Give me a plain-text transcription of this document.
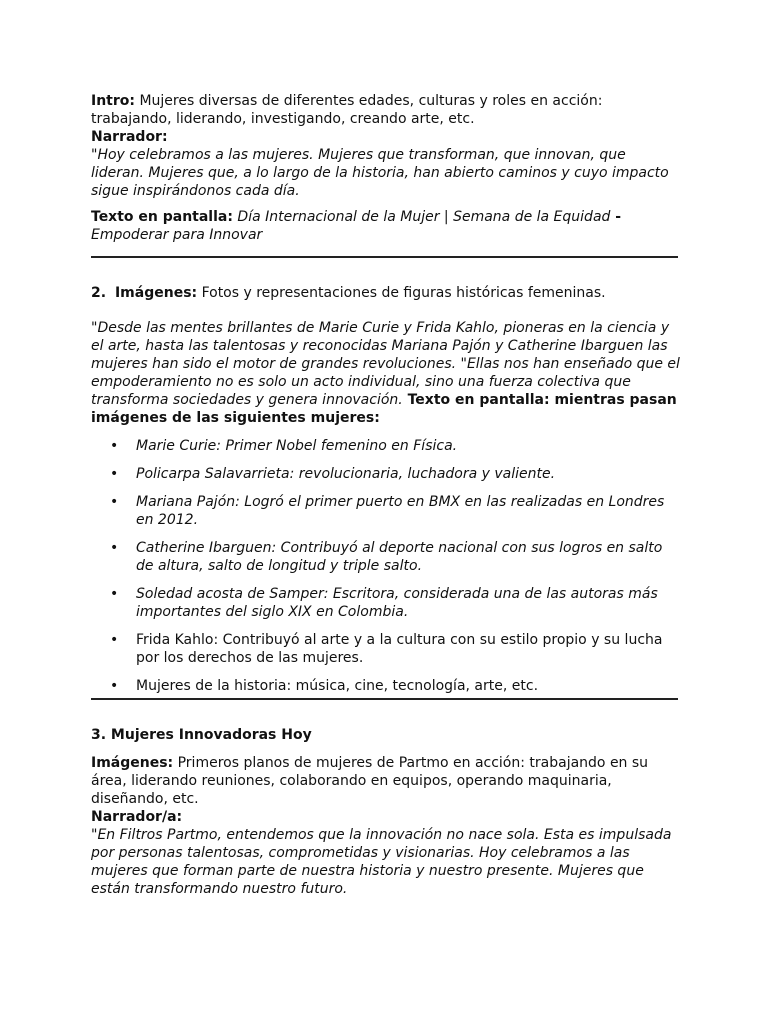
Intro: Mujeres diversas de diferentes edades, culturas y roles en acción: trabajando, liderando, investigando, creando arte, etc.

Narrador:

"Hoy celebramos a las mujeres. Mujeres que transforman, que innovan, que lideran. Mujeres que, a lo largo de la historia, han abierto caminos y cuyo impacto sigue inspirándonos cada día.

Texto en pantalla: Día Internacional de la Mujer | Semana de la Equidad -
Empoderar para Innovar

2. Imágenes: Fotos y representaciones de figuras históricas femeninas.

"Desde las mentes brillantes de Marie Curie y Frida Kahlo, pioneras en la ciencia y el arte, hasta las talentosas y reconocidas Mariana Pajón y Catherine Ibarguen las mujeres han sido el motor de grandes revoluciones. "Ellas nos han enseñado que el empoderamiento no es solo un acto individual, sino una fuerza colectiva que transforma sociedades y genera innovación. Texto en pantalla: mientras pasan imágenes de las siguientes mujeres:

• Marie Curie: Primer Nobel femenino en Física.
• Policarpa Salavarrieta: revolucionaria, luchadora y valiente.
• Mariana Pajón: Logró el primer puerto en BMX en las realizadas en Londres en 2012.
• Catherine Ibarguen: Contribuyó al deporte nacional con sus logros en salto de altura, salto de longitud y triple salto.
• Soledad acosta de Samper: Escritora, considerada una de las autoras más importantes del siglo XIX en Colombia.
• Frida Kahlo: Contribuyó al arte y a la cultura con su estilo propio y su lucha por los derechos de las mujeres.
• Mujeres de la historia: música, cine, tecnología, arte, etc.

3. Mujeres Innovadoras Hoy

Imágenes: Primeros planos de mujeres de Partmo en acción: trabajando en su área, liderando reuniones, colaborando en equipos, operando maquinaria, diseñando, etc.

Narrador/a:

"En Filtros Partmo, entendemos que la innovación no nace sola. Esta es impulsada por personas talentosas, comprometidas y visionarias. Hoy celebramos a las mujeres que forman parte de nuestra historia y nuestro presente. Mujeres que están transformando nuestro futuro.
